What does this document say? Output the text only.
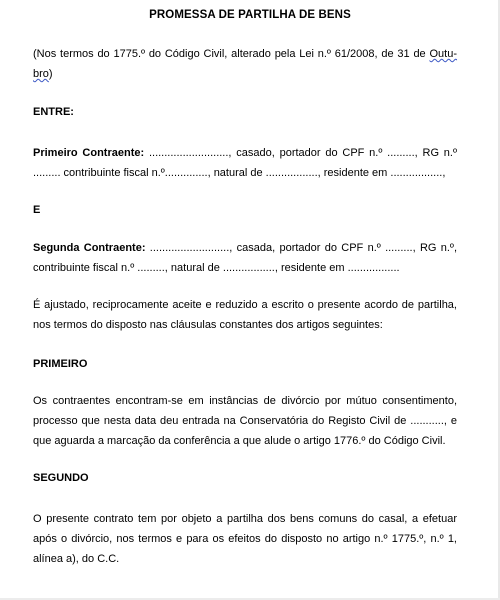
PROMESSA DE PARTILHA DE BENS
(Nos termos do 1775.º do Código Civil, alterado pela Lei n.º 61/2008, de 31 de Outu-
bro)
ENTRE:
Primeiro Contraente: .........................., casado, portador do CPF n.º ........., RG n.º
......... contribuinte fiscal n.º.............., natural de ................., residente em .................,
E
Segunda Contraente: .........................., casada, portador do CPF n.º ........., RG n.º,
contribuinte fiscal n.º ........., natural de ................., residente em .................
É ajustado, reciprocamente aceite e reduzido a escrito o presente acordo de partilha,
nos termos do disposto nas cláusulas constantes dos artigos seguintes:
PRIMEIRO
Os contraentes encontram-se em instâncias de divórcio por mútuo consentimento,
processo que nesta data deu entrada na Conservatória do Registo Civil de ..........., e
que aguarda a marcação da conferência a que alude o artigo 1776.º do Código Civil.
SEGUNDO
O presente contrato tem por objeto a partilha dos bens comuns do casal, a efetuar
após o divórcio, nos termos e para os efeitos do disposto no artigo n.º 1775.º, n.º 1,
alínea a), do C.C.
